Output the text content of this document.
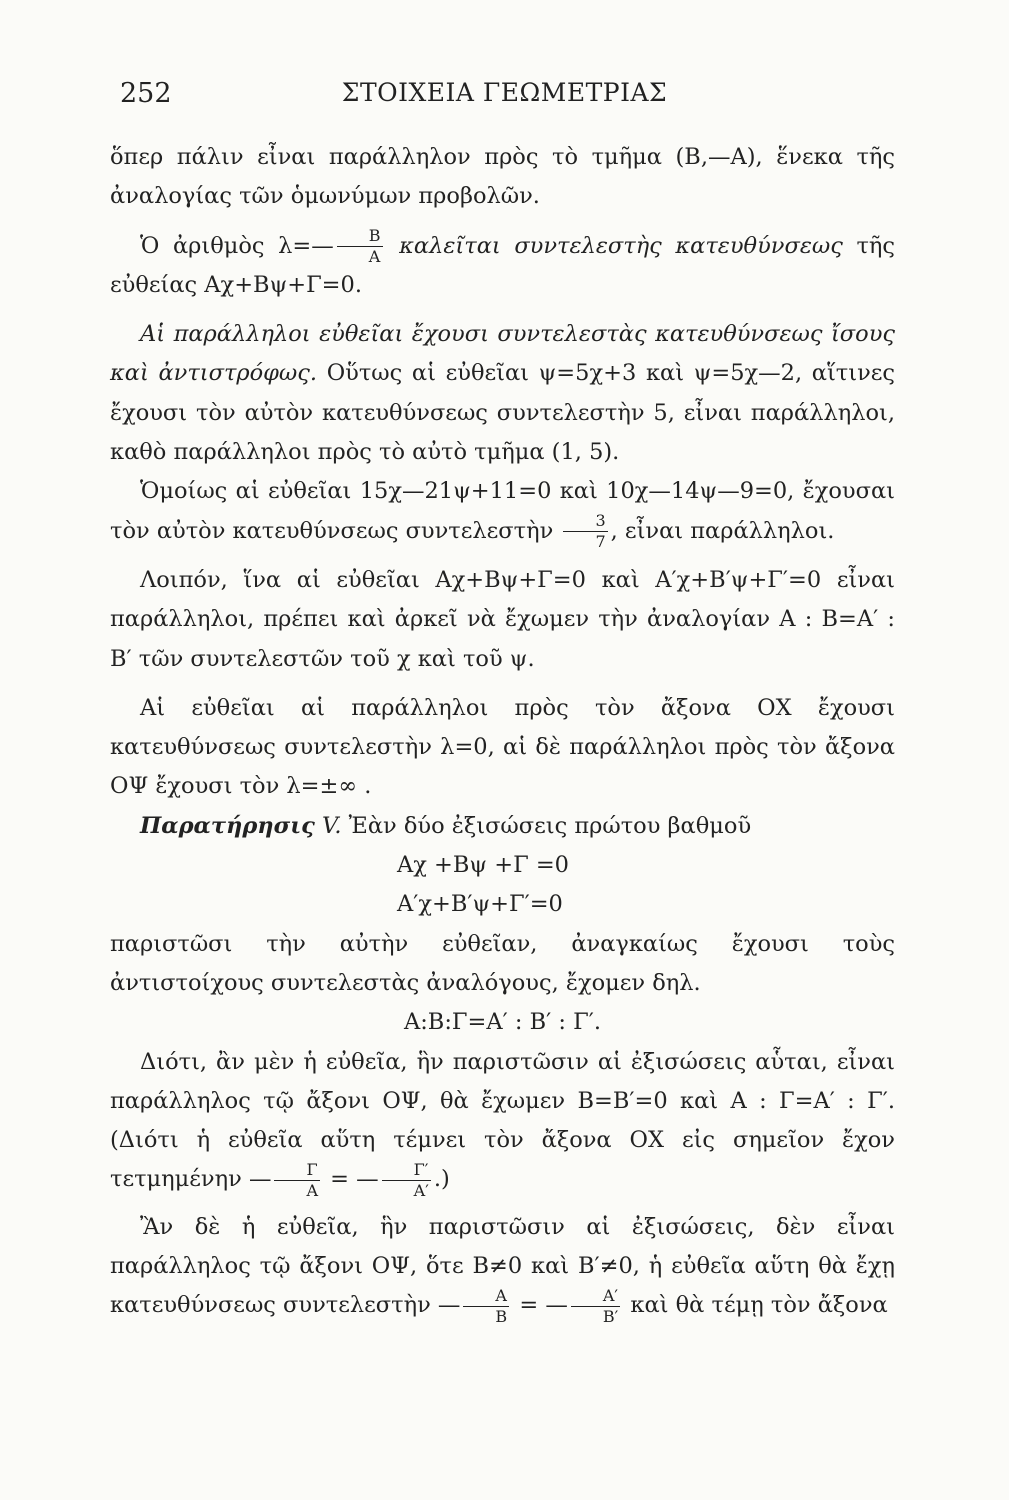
252	ΣΤΟΙΧΕΙΑ ΓΕΩΜΕΤΡΙΑΣ

ὅπερ πάλιν εἶναι παράλληλον πρὸς τὸ τμῆμα (Β,—Α), ἕνεκα τῆς ἀναλογίας τῶν ὁμωνύμων προβολῶν.

Ὁ ἀριθμὸς λ=— $\frac{B}{A}$ καλεῖται συντελεστὴς κατευθύνσεως τῆς εὐθείας Αχ+Βψ+Γ=0.

Αἱ παράλληλοι εὐθεῖαι ἔχουσι συντελεστὰς κατευθύνσεως ἴσους καὶ ἀντιστρόφως. Οὕτως αἱ εὐθεῖαι ψ=5χ+3 καὶ ψ=5χ—2, αἵτινες ἔχουσι τὸν αὐτὸν κατευθύνσεως συντελεστὴν 5, εἶναι παράλληλοι, καθὸ παράλληλοι πρὸς τὸ αὐτὸ τμῆμα (1, 5).

Ὁμοίως αἱ εὐθεῖαι 15χ—21ψ+11=0 καὶ 10χ—14ψ—9=0, ἔχουσαι τὸν αὐτὸν κατευθύνσεως συντελεστὴν $\frac{3}{7}$ , εἶναι παράλληλοι.

Λοιπόν, ἵνα αἱ εὐθεῖαι Αχ+Βψ+Γ=0 καὶ Α′χ+Β′ψ+Γ′=0 εἶναι παράλληλοι, πρέπει καὶ ἀρκεῖ νὰ ἔχωμεν τὴν ἀναλογίαν Α : Β=Α′ : Β′ τῶν συντελεστῶν τοῦ χ καὶ τοῦ ψ.

Αἱ εὐθεῖαι αἱ παράλληλοι πρὸς τὸν ἄξονα ΟΧ ἔχουσι κατευθύνσεως συντελεστὴν λ=0, αἱ δὲ παράλληλοι πρὸς τὸν ἄξονα ΟΨ ἔχουσι τὸν λ=±∞ .

Παρατήρησις V. Ἐὰν δύο ἐξισώσεις πρώτου βαθμοῦ

Αχ +Βψ +Γ =0

Α′χ+Β′ψ+Γ′=0

παριστῶσι τὴν αὐτὴν εὐθεῖαν, ἀναγκαίως ἔχουσι τοὺς ἀντιστοίχους συντελεστὰς ἀναλόγους, ἔχομεν δηλ.

Α:Β:Γ=Α′ : Β′ : Γ′.

Διότι, ἂν μὲν ἡ εὐθεῖα, ἣν παριστῶσιν αἱ ἐξισώσεις αὗται, εἶναι παράλληλος τῷ ἄξονι ΟΨ, θὰ ἔχωμεν Β=Β′=0 καὶ Α : Γ=Α′ : Γ′. (Διότι ἡ εὐθεῖα αὕτη τέμνει τὸν ἄξονα ΟΧ εἰς σημεῖον ἔχον τετμημένην — $\frac{\Gamma}{A}$ = — $\frac{\Gamma'}{A'}$ .)

Ἂν δὲ ἡ εὐθεῖα, ἣν παριστῶσιν αἱ ἐξισώσεις, δὲν εἶναι παράλληλος τῷ ἄξονι ΟΨ, ὅτε Β≠0 καὶ Β′≠0, ἡ εὐθεῖα αὕτη θὰ ἔχῃ κατευθύνσεως συντελεστὴν — $\frac{A}{B}$ = — $\frac{A'}{B'}$ καὶ θὰ τέμῃ τὸν ἄξονα
